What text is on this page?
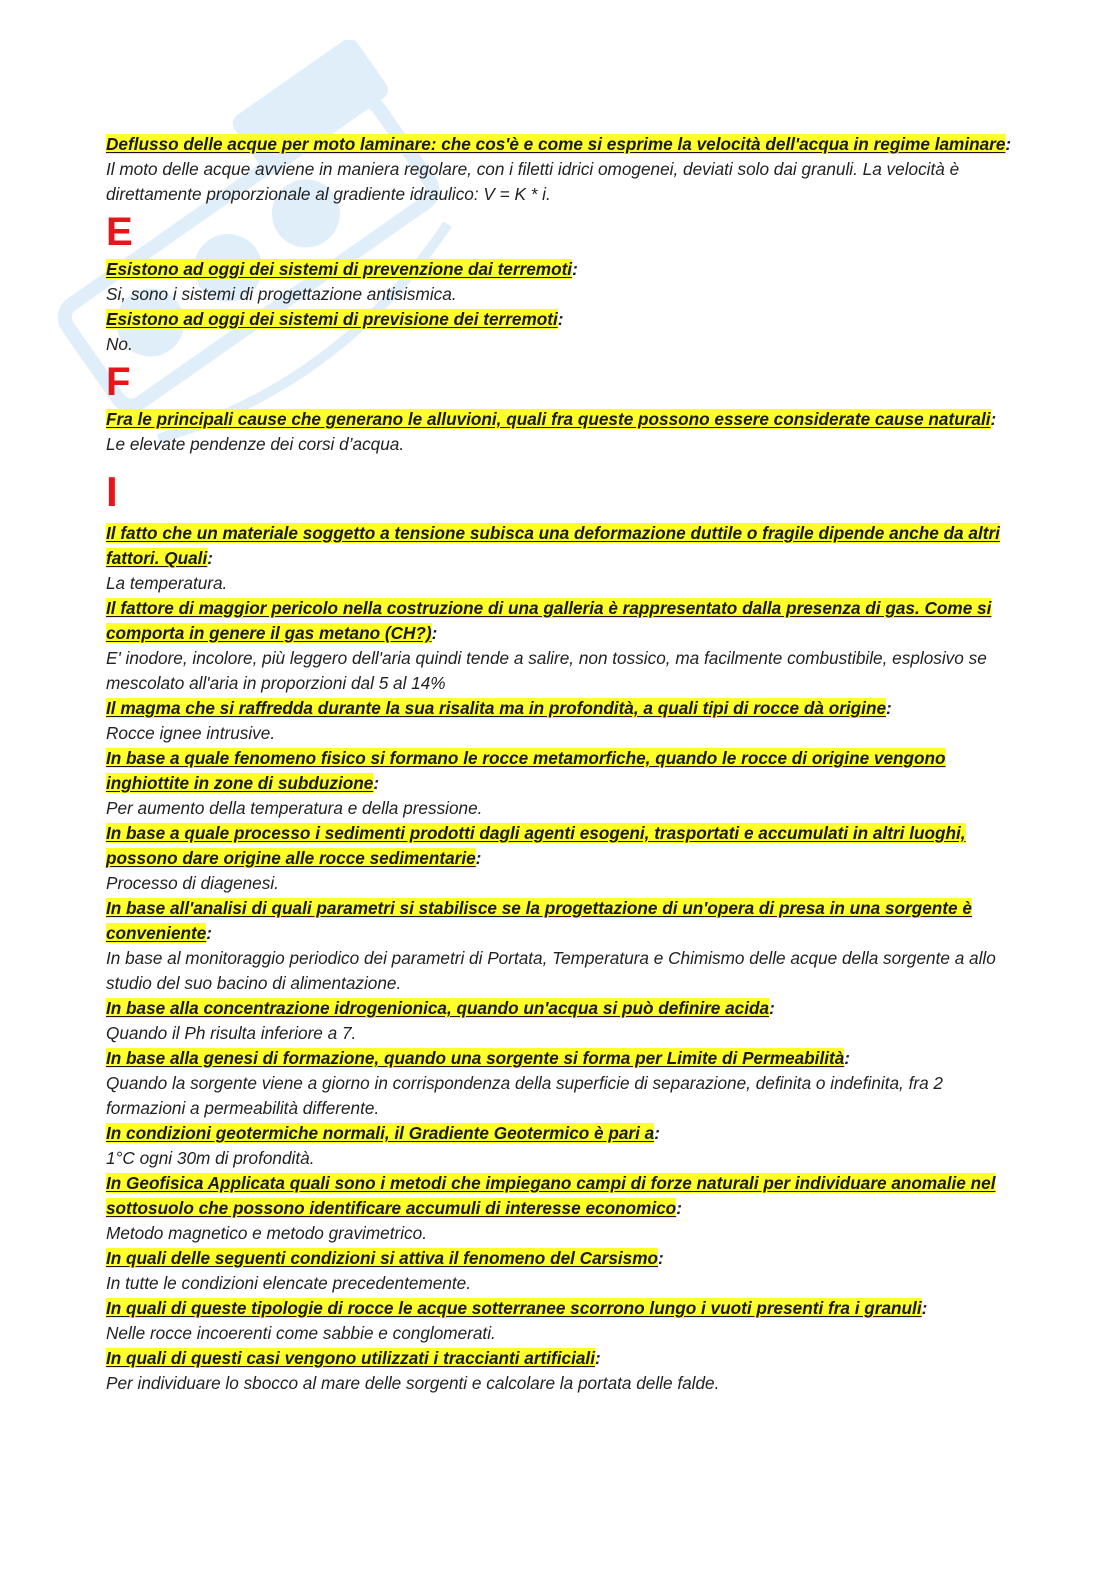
Deflusso delle acque per moto laminare: che cos'è e come si esprime la velocità dell'acqua in regime laminare:
Il moto delle acque avviene in maniera regolare, con i filetti idrici omogenei, deviati solo dai granuli. La velocità è direttamente proporzionale al gradiente idraulico: V = K * i.
E
Esistono ad oggi dei sistemi di prevenzione dai terremoti:
Si, sono i sistemi di progettazione antisismica.
Esistono ad oggi dei sistemi di previsione dei terremoti:
No.
F
Fra le principali cause che generano le alluvioni, quali fra queste possono essere considerate cause naturali:
Le elevate pendenze dei corsi d’acqua.
I
Il fatto che un materiale soggetto a tensione subisca una deformazione duttile o fragile dipende anche da altri fattori. Quali:
La temperatura.
Il fattore di maggior pericolo nella costruzione di una galleria è rappresentato dalla presenza di gas. Come si comporta in genere il gas metano (CH?):
E' inodore, incolore, più leggero dell'aria quindi tende a salire, non tossico, ma facilmente combustibile, esplosivo se mescolato all'aria in proporzioni dal 5 al 14%
Il magma che si raffredda durante la sua risalita ma in profondità, a quali tipi di rocce dà origine:
Rocce ignee intrusive.
In base a quale fenomeno fisico si formano le rocce metamorfiche, quando le rocce di origine vengono inghiottite in zone di subduzione:
Per aumento della temperatura e della pressione.
In base a quale processo i sedimenti prodotti dagli agenti esogeni, trasportati e accumulati in altri luoghi, possono dare origine alle rocce sedimentarie:
Processo di diagenesi.
In base all'analisi di quali parametri si stabilisce se la progettazione di un'opera di presa in una sorgente è conveniente:
In base al monitoraggio periodico dei parametri di Portata, Temperatura e Chimismo delle acque della sorgente a allo studio del suo bacino di alimentazione.
In base alla concentrazione idrogenionica, quando un'acqua si può definire acida:
Quando il Ph risulta inferiore a 7.
In base alla genesi di formazione, quando una sorgente si forma per Limite di Permeabilità:
Quando la sorgente viene a giorno in corrispondenza della superficie di separazione, definita o indefinita, fra 2 formazioni a permeabilità differente.
In condizioni geotermiche normali, il Gradiente Geotermico è pari a:
1°C ogni 30m di profondità.
In Geofisica Applicata quali sono i metodi che impiegano campi di forze naturali per individuare anomalie nel sottosuolo che possono identificare accumuli di interesse economico:
Metodo magnetico e metodo gravimetrico.
In quali delle seguenti condizioni si attiva il fenomeno del Carsismo:
In tutte le condizioni elencate precedentemente.
In quali di queste tipologie di rocce le acque sotterranee scorrono lungo i vuoti presenti fra i granuli:
Nelle rocce incoerenti come sabbie e conglomerati.
In quali di questi casi vengono utilizzati i traccianti artificiali:
Per individuare lo sbocco al mare delle sorgenti e calcolare la portata delle falde.
